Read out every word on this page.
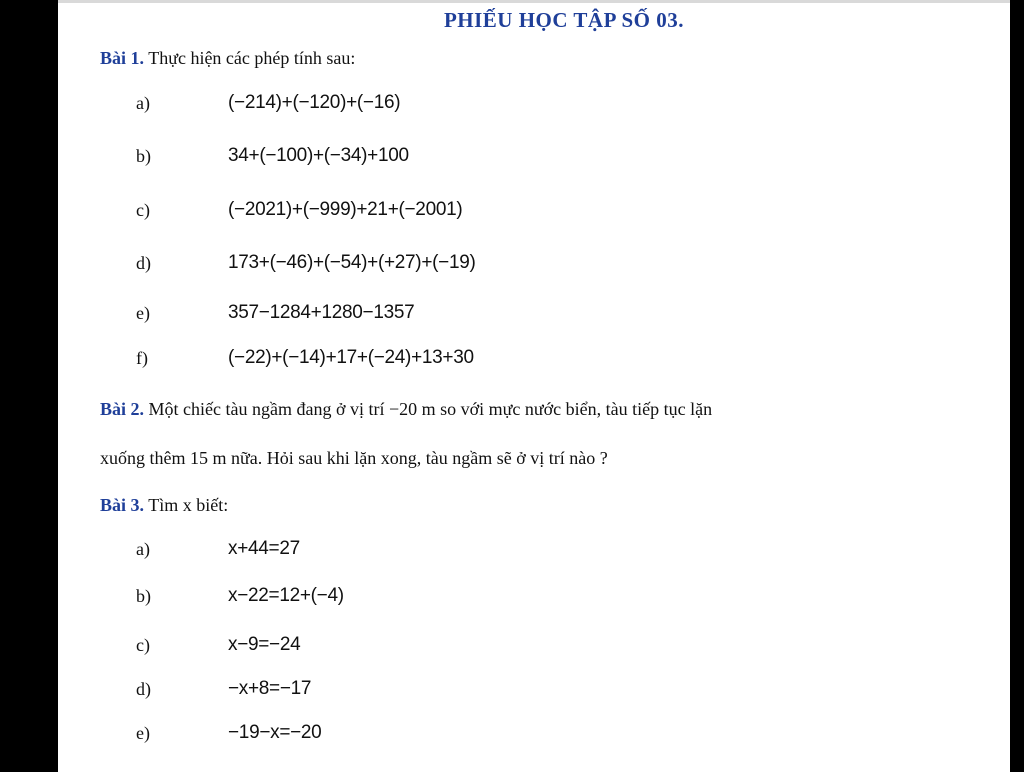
PHIẾU HỌC TẬP SỐ 03.
Bài 1. Thực hiện các phép tính sau:
a)	(−214)+(−120)+(−16)
b)	34+(−100)+(−34)+100
c)	(−2021)+(−999)+21+(−2001)
d)	173+(−46)+(−54)+(+27)+(−19)
e)	357−1284+1280−1357
f)	(−22)+(−14)+17+(−24)+13+30
Bài 2. Một chiếc tàu ngầm đang ở vị trí −20 m so với mực nước biển, tàu tiếp tục lặn
xuống thêm 15 m nữa. Hỏi sau khi lặn xong, tàu ngầm sẽ ở vị trí nào ?
Bài 3. Tìm x biết:
a)	x+44=27
b)	x−22=12+(−4)
c)	x−9=−24
d)	−x+8=−17
e)	−19−x=−20
